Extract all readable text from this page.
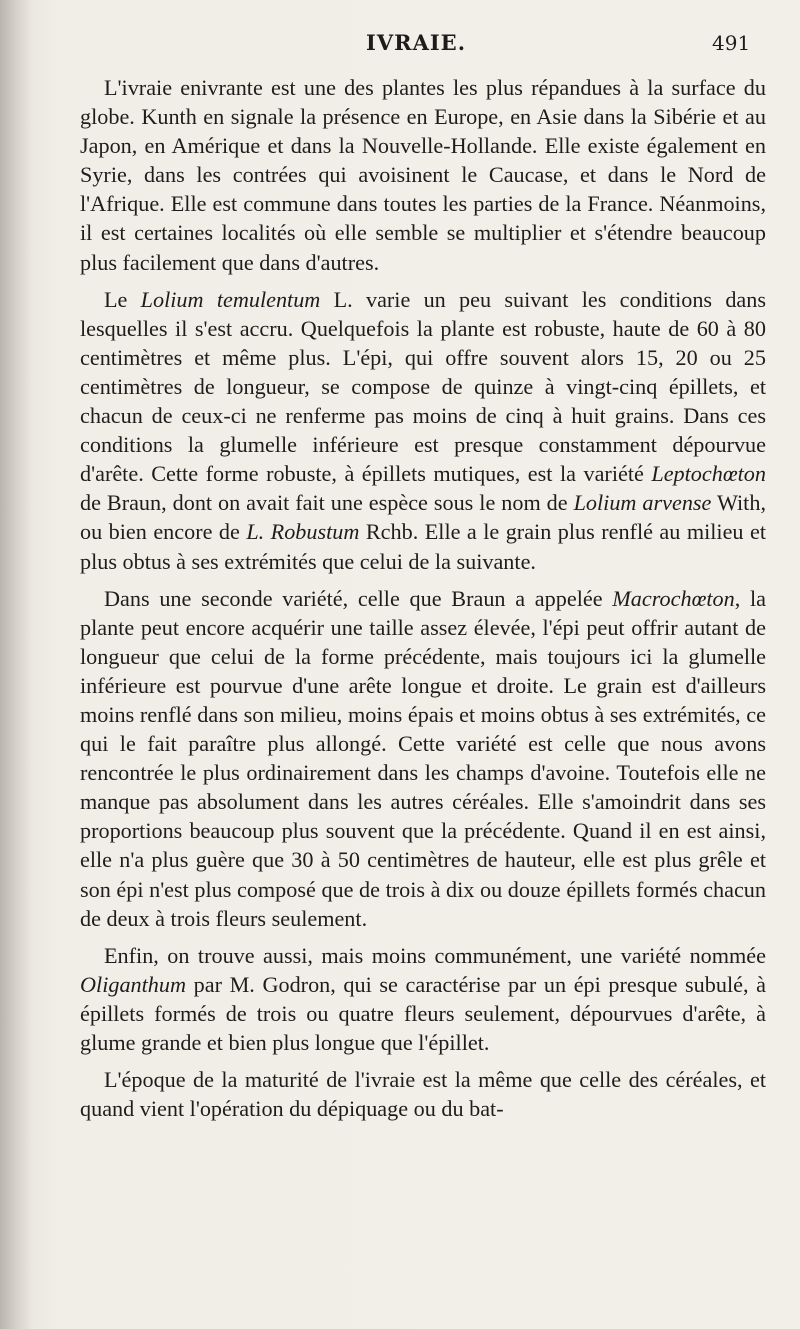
IVRAIE.	491

L'ivraie enivrante est une des plantes les plus répandues à la surface du globe. Kunth en signale la présence en Europe, en Asie dans la Sibérie et au Japon, en Amérique et dans la Nouvelle-Hollande. Elle existe également en Syrie, dans les contrées qui avoisinent le Caucase, et dans le Nord de l'Afrique. Elle est commune dans toutes les parties de la France. Néanmoins, il est certaines localités où elle semble se multiplier et s'étendre beaucoup plus facilement que dans d'autres.

Le Lolium temulentum L. varie un peu suivant les conditions dans lesquelles il s'est accru. Quelquefois la plante est robuste, haute de 60 à 80 centimètres et même plus. L'épi, qui offre souvent alors 15, 20 ou 25 centimètres de longueur, se compose de quinze à vingt-cinq épillets, et chacun de ceux-ci ne renferme pas moins de cinq à huit grains. Dans ces conditions la glumelle inférieure est presque constamment dépourvue d'arête. Cette forme robuste, à épillets mutiques, est la variété Leptochœton de Braun, dont on avait fait une espèce sous le nom de Lolium arvense With, ou bien encore de L. Robustum Rchb. Elle a le grain plus renflé au milieu et plus obtus à ses extrémités que celui de la suivante.

Dans une seconde variété, celle que Braun a appelée Macrochœton, la plante peut encore acquérir une taille assez élevée, l'épi peut offrir autant de longueur que celui de la forme précédente, mais toujours ici la glumelle inférieure est pourvue d'une arête longue et droite. Le grain est d'ailleurs moins renflé dans son milieu, moins épais et moins obtus à ses extrémités, ce qui le fait paraître plus allongé. Cette variété est celle que nous avons rencontrée le plus ordinairement dans les champs d'avoine. Toutefois elle ne manque pas absolument dans les autres céréales. Elle s'amoindrit dans ses proportions beaucoup plus souvent que la précédente. Quand il en est ainsi, elle n'a plus guère que 30 à 50 centimètres de hauteur, elle est plus grêle et son épi n'est plus composé que de trois à dix ou douze épillets formés chacun de deux à trois fleurs seulement.

Enfin, on trouve aussi, mais moins communément, une variété nommée Oliganthum par M. Godron, qui se caractérise par un épi presque subulé, à épillets formés de trois ou quatre fleurs seulement, dépourvues d'arête, à glume grande et bien plus longue que l'épillet.

L'époque de la maturité de l'ivraie est la même que celle des céréales, et quand vient l'opération du dépiquage ou du bat-
